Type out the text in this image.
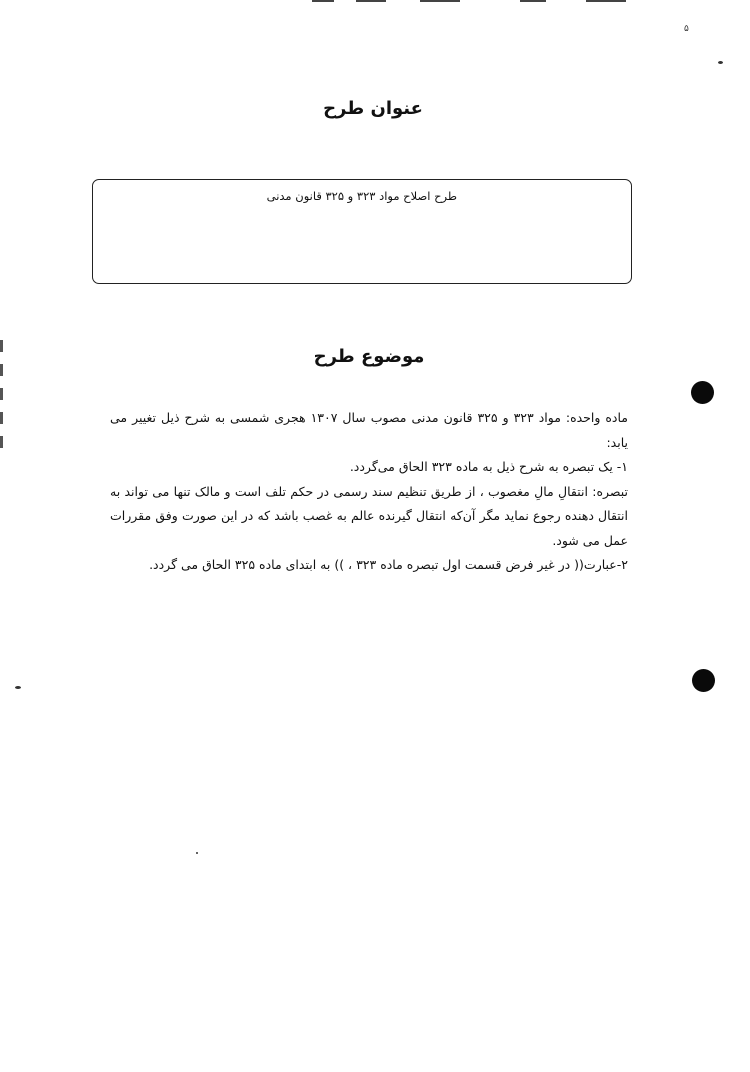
۵
عنوان طرح
طرح اصلاح مواد ۳۲۳ و ۳۲۵ قانون مدنی
موضوع طرح

ماده واحده: مواد ۳۲۳ و ۳۲۵ قانون مدنی مصوب سال ۱۳۰۷ هجری شمسی به شرح ذیل تغییر می یابد:

۱- یک تبصره به شرح ذیل به ماده ۳۲۳ الحاق می‌گردد.

تبصره: انتقالِ مالِ مغصوب ، از طریق تنظیم سند رسمی در حکم تلف است و مالک تنها می تواند به انتقال دهنده رجوع نماید مگر آن‌که انتقال گیرنده عالم به غصب باشد که در این صورت وفق مقررات عمل می شود.

۲-عبارت(( در غیر فرض قسمت اول تبصره ماده ۳۲۳ ، )) به ابتدای ماده ۳۲۵ الحاق می گردد.
